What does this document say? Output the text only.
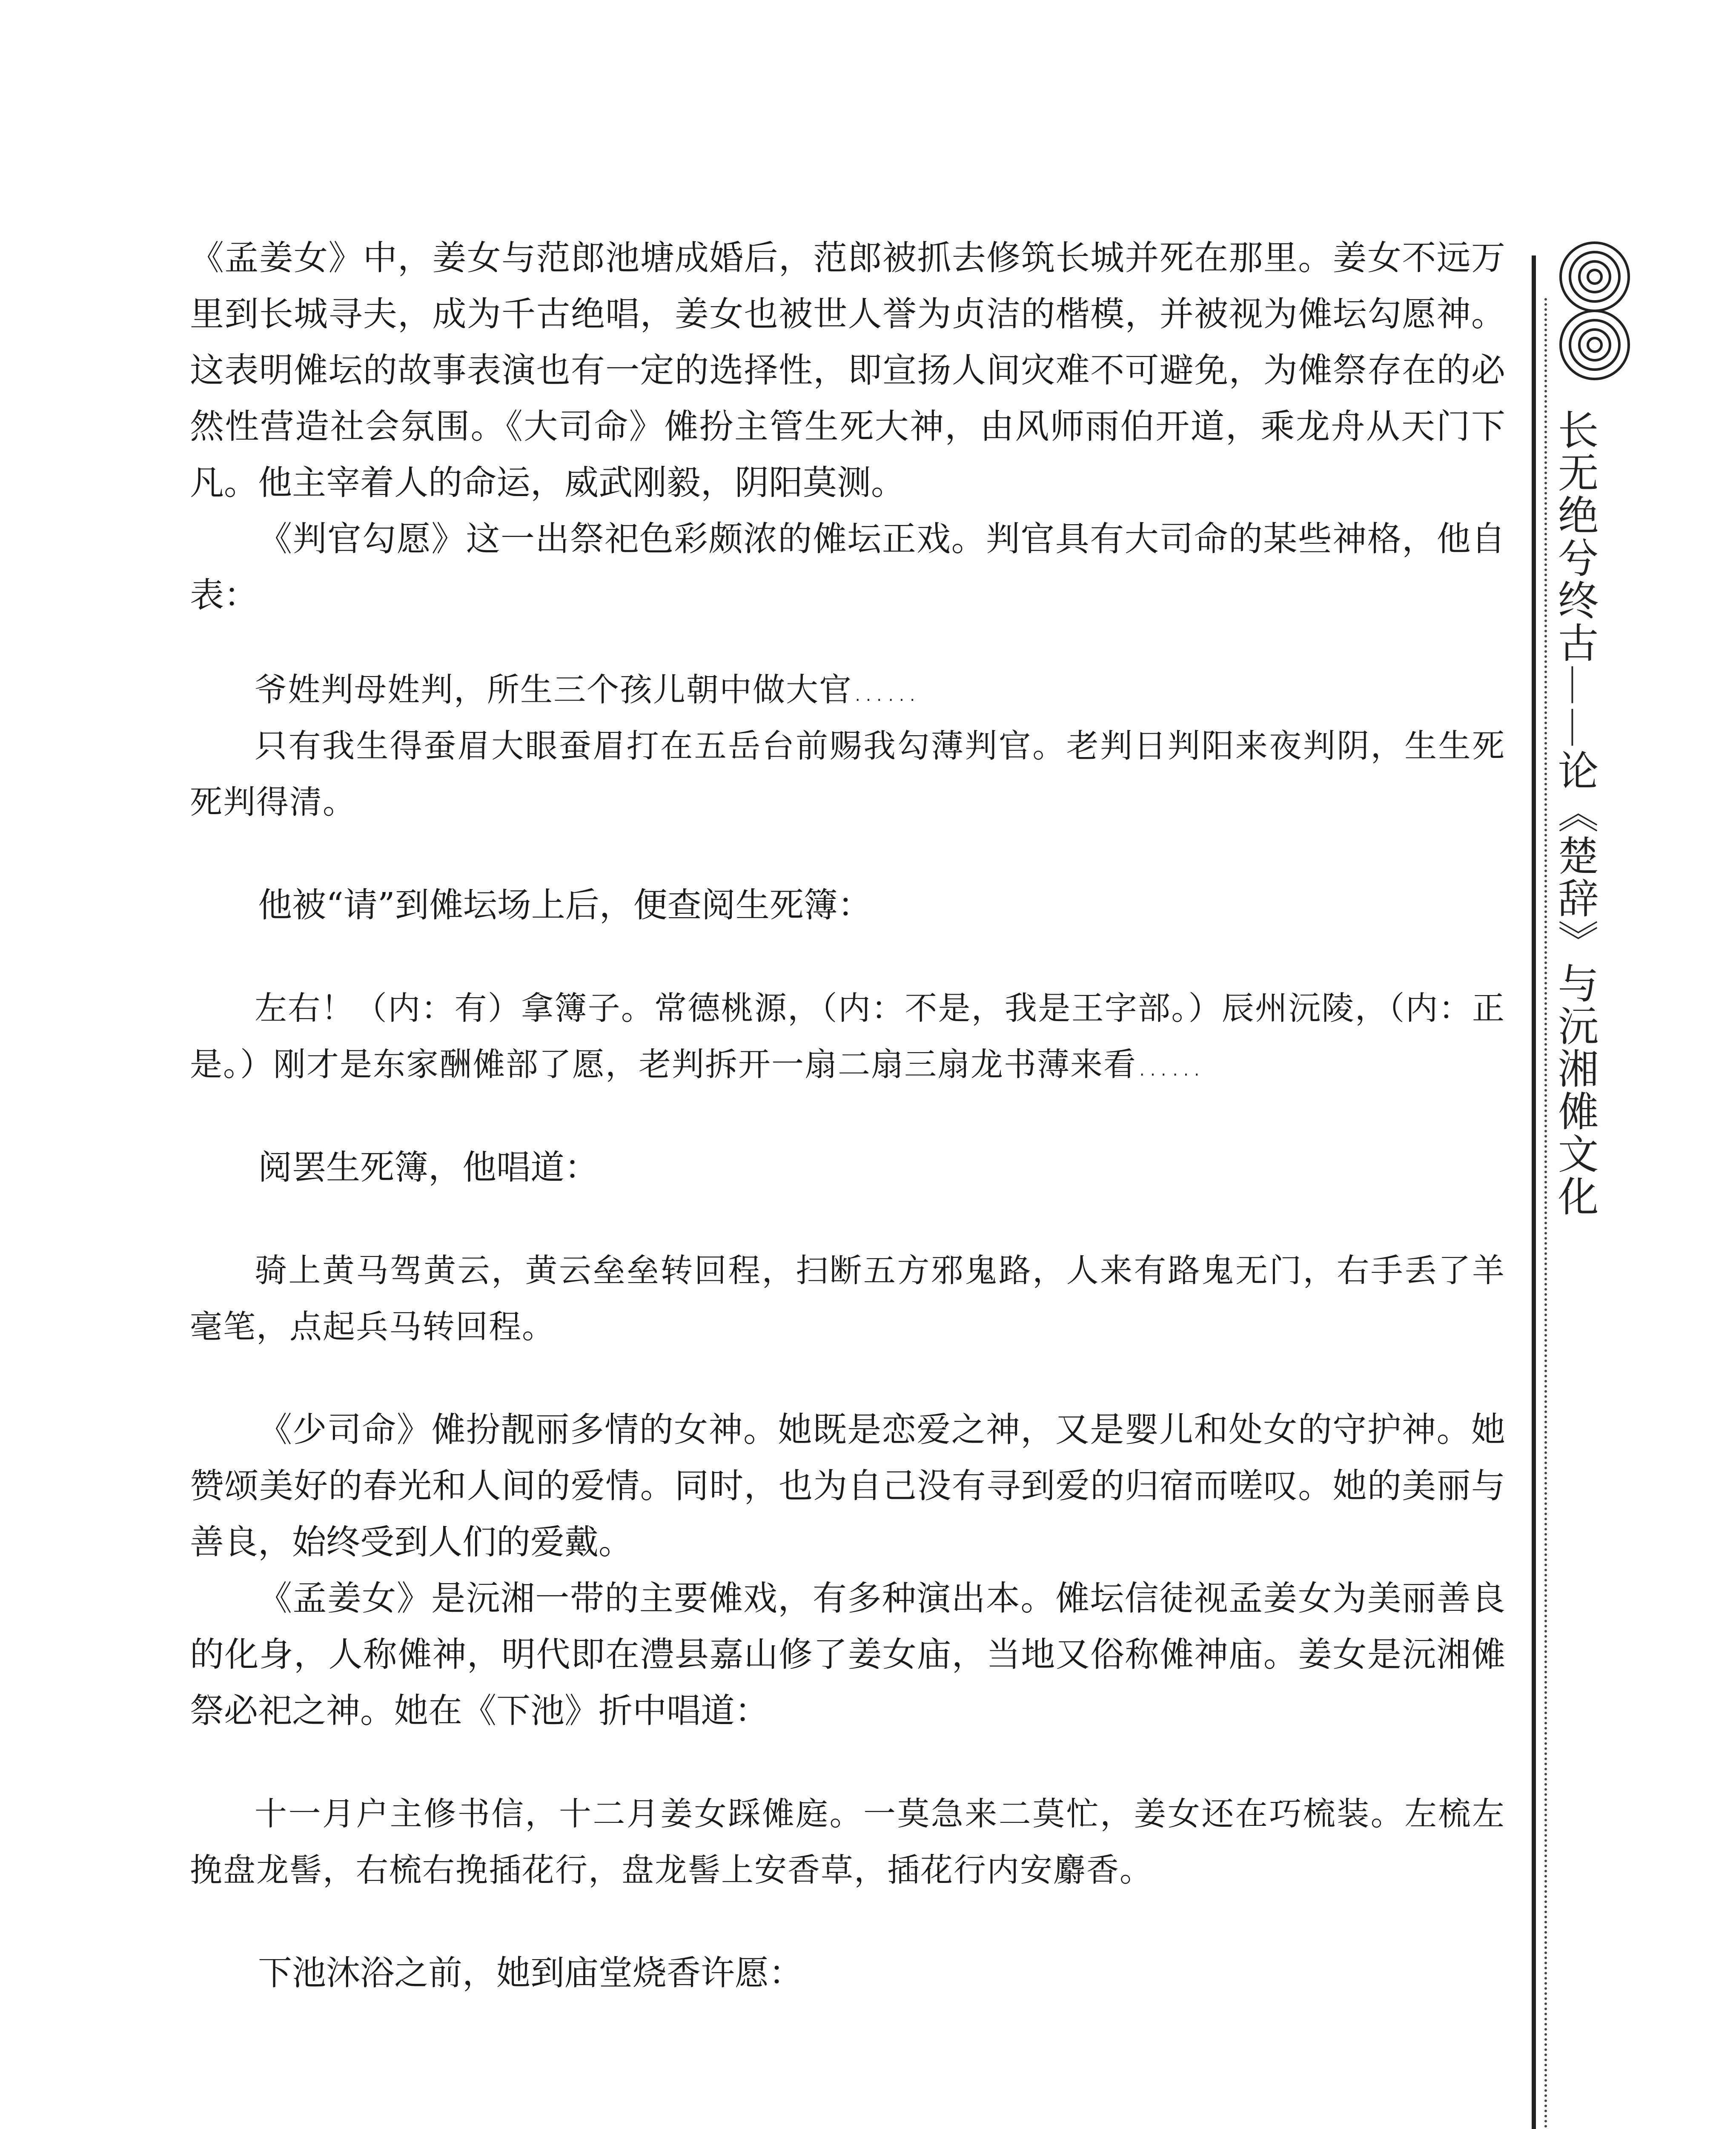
《孟姜女》中，姜女与范郎池塘成婚后，范郎被抓去修筑长城并死在那里。姜女不远万里到长城寻夫，成为千古绝唱，姜女也被世人誉为贞洁的楷模，并被视为傩坛勾愿神。这表明傩坛的故事表演也有一定的选择性，即宣扬人间灾难不可避免，为傩祭存在的必然性营造社会氛围。《大司命》傩扮主管生死大神，由风师雨伯开道，乘龙舟从天门下凡。他主宰着人的命运，威武刚毅，阴阳莫测。

《判官勾愿》这一出祭祀色彩颇浓的傩坛正戏。判官具有大司命的某些神格，他自表：

爷姓判母姓判，所生三个孩儿朝中做大官……

只有我生得蚕眉大眼蚕眉打在五岳台前赐我勾薄判官。老判日判阳来夜判阴，生生死死判得清。

他被“请”到傩坛场上后，便查阅生死簿：

左右！（内：有）拿簿子。常德桃源，（内：不是，我是王字部。）辰州沅陵，（内：正是。）刚才是东家酬傩部了愿，老判拆开一扇二扇三扇龙书薄来看……

阅罢生死簿，他唱道：

骑上黄马驾黄云，黄云垒垒转回程，扫断五方邪鬼路，人来有路鬼无门，右手丢了羊毫笔，点起兵马转回程。

《少司命》傩扮靓丽多情的女神。她既是恋爱之神，又是婴儿和处女的守护神。她赞颂美好的春光和人间的爱情。同时，也为自己没有寻到爱的归宿而嗟叹。她的美丽与善良，始终受到人们的爱戴。

《孟姜女》是沅湘一带的主要傩戏，有多种演出本。傩坛信徒视孟姜女为美丽善良的化身，人称傩神，明代即在澧县嘉山修了姜女庙，当地又俗称傩神庙。姜女是沅湘傩祭必祀之神。她在《下池》折中唱道：

十一月户主修书信，十二月姜女踩傩庭。一莫急来二莫忙，姜女还在巧梳装。左梳左挽盘龙髻，右梳右挽插花行，盘龙髻上安香草，插花行内安麝香。

下池沐浴之前，她到庙堂烧香许愿：

长无绝兮终古——论《楚辞》与沅湘傩文化
